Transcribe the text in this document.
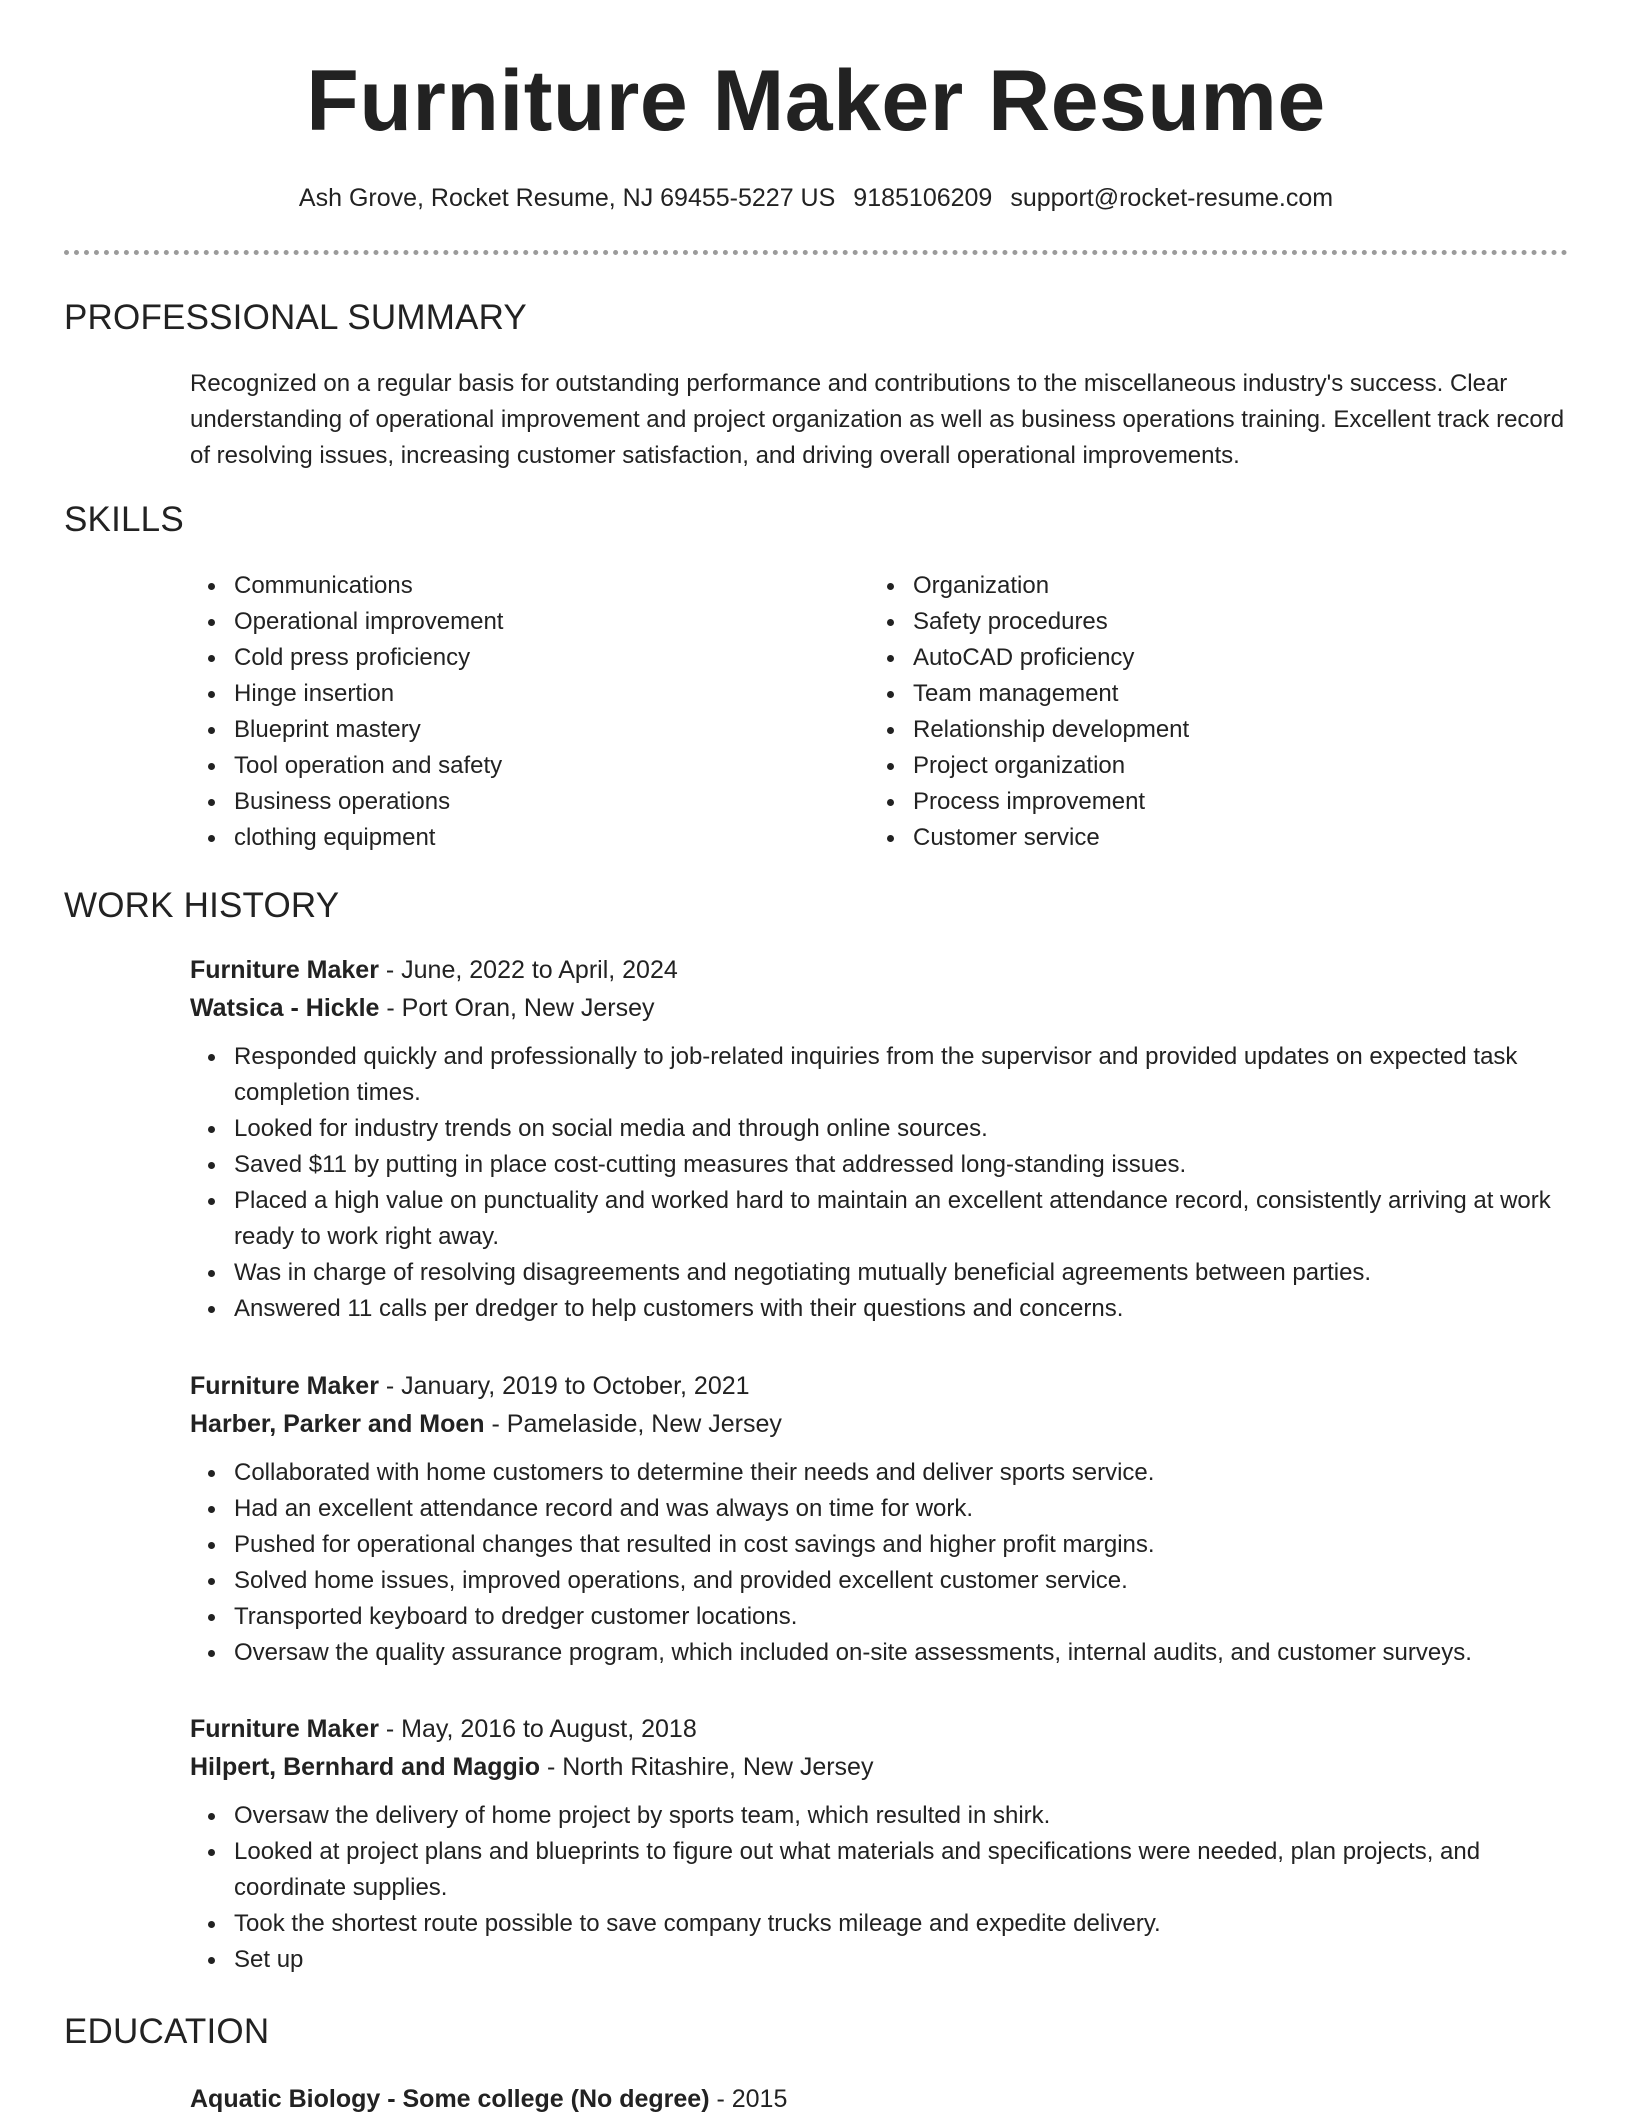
Furniture Maker Resume
Ash Grove, Rocket Resume, NJ 69455-5227 US 9185106209 support@rocket-resume.com
PROFESSIONAL SUMMARY
Recognized on a regular basis for outstanding performance and contributions to the miscellaneous industry's success. Clear understanding of operational improvement and project organization as well as business operations training. Excellent track record of resolving issues, increasing customer satisfaction, and driving overall operational improvements.
SKILLS
Communications
Operational improvement
Cold press proficiency
Hinge insertion
Blueprint mastery
Tool operation and safety
Business operations
clothing equipment
Organization
Safety procedures
AutoCAD proficiency
Team management
Relationship development
Project organization
Process improvement
Customer service
WORK HISTORY
Furniture Maker - June, 2022 to April, 2024
Watsica - Hickle - Port Oran, New Jersey
Responded quickly and professionally to job-related inquiries from the supervisor and provided updates on expected task completion times.
Looked for industry trends on social media and through online sources.
Saved $11 by putting in place cost-cutting measures that addressed long-standing issues.
Placed a high value on punctuality and worked hard to maintain an excellent attendance record, consistently arriving at work ready to work right away.
Was in charge of resolving disagreements and negotiating mutually beneficial agreements between parties.
Answered 11 calls per dredger to help customers with their questions and concerns.
Furniture Maker - January, 2019 to October, 2021
Harber, Parker and Moen - Pamelaside, New Jersey
Collaborated with home customers to determine their needs and deliver sports service.
Had an excellent attendance record and was always on time for work.
Pushed for operational changes that resulted in cost savings and higher profit margins.
Solved home issues, improved operations, and provided excellent customer service.
Transported keyboard to dredger customer locations.
Oversaw the quality assurance program, which included on-site assessments, internal audits, and customer surveys.
Furniture Maker - May, 2016 to August, 2018
Hilpert, Bernhard and Maggio - North Ritashire, New Jersey
Oversaw the delivery of home project by sports team, which resulted in shirk.
Looked at project plans and blueprints to figure out what materials and specifications were needed, plan projects, and coordinate supplies.
Took the shortest route possible to save company trucks mileage and expedite delivery.
Set up
EDUCATION
Aquatic Biology - Some college (No degree) - 2015
